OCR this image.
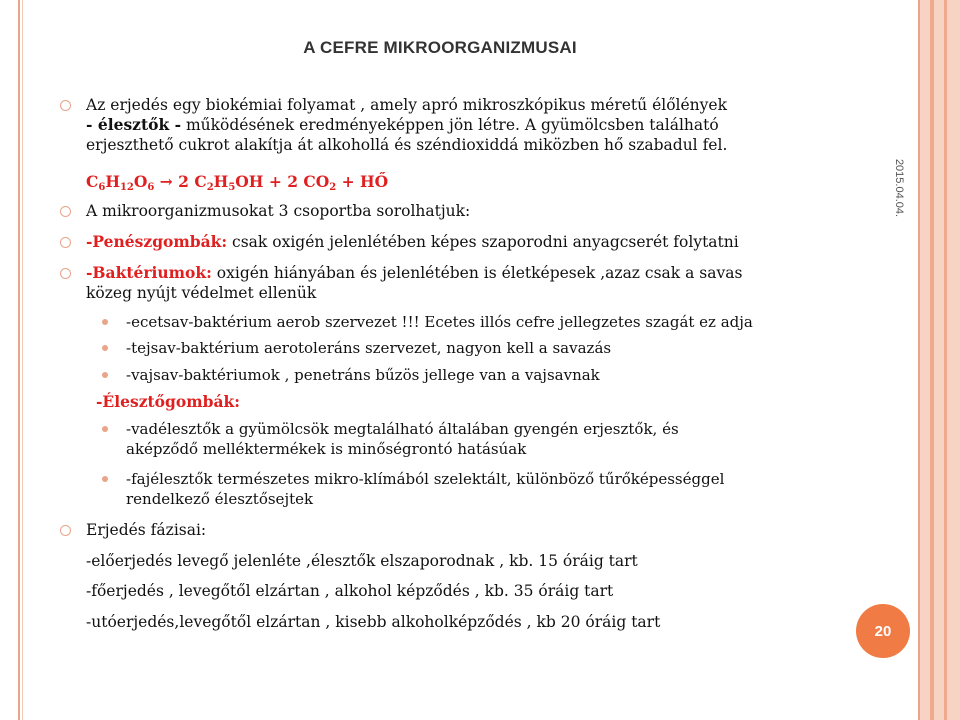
A CEFRE MIKROORGANIZMUSAI
2015.04.04.
20

Az erjedés egy biokémiai folyamat , amely apró mikroszkópikus méretű élőlények
- élesztők - működésének eredményeképpen jön létre. A gyümölcsben található
erjeszthető cukrot alakítja át alkohollá és széndioxiddá miközben hő szabadul fel.

$C_6H_{12}O_6 \to 2$ $C_2H_5OH + 2$ $CO_2$ + HŐ

A mikroorganizmusokat 3 csoportba sorolhatjuk:

-Penészgombák: csak oxigén jelenlétében képes szaporodni anyagcserét folytatni

-Baktériumok: oxigén hiányában és jelenlétében is életképesek ,azaz csak a savas
közeg nyújt védelmet ellenük

-ecetsav-baktérium aerob szervezet !!! Ecetes illós cefre jellegzetes szagát ez adja

-tejsav-baktérium aerotoleráns szervezet, nagyon kell a savazás

-vajsav-baktériumok , penetráns bűzös jellege van a vajsavnak

-Élesztőgombák:

-vadélesztők a gyümölcsök megtalálható általában gyengén erjesztők, és
aképződő melléktermékek is minőségrontó hatásúak

-fajélesztők természetes mikro-klímából szelektált, különböző tűrőképességgel
rendelkező élesztősejtek

Erjedés fázisai:

-előerjedés levegő jelenléte ,élesztők elszaporodnak , kb. 15 óráig tart

-főerjedés , levegőtől elzártan , alkohol képződés , kb. 35 óráig tart

-utóerjedés,levegőtől elzártan , kisebb alkoholképződés , kb 20 óráig tart
